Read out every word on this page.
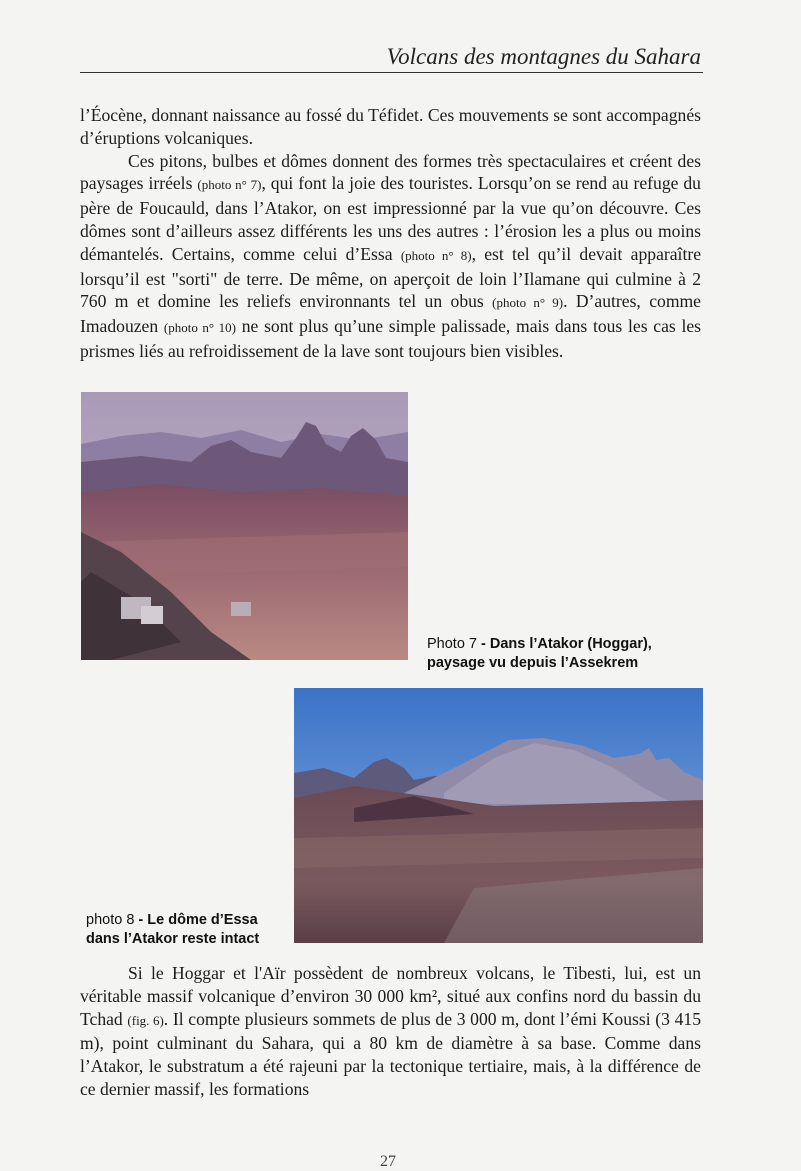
Volcans des montagnes du Sahara

l’Éocène, donnant naissance au fossé du Téfidet. Ces mouvements se sont accompagnés d’éruptions volcaniques.

Ces pitons, bulbes et dômes donnent des formes très spectaculaires et créent des paysages irréels (photo n° 7), qui font la joie des touristes. Lorsqu’on se rend au refuge du père de Foucauld, dans l’Atakor, on est impressionné par la vue qu’on découvre. Ces dômes sont d’ailleurs assez différents les uns des autres : l’érosion les a plus ou moins démantelés. Certains, comme celui d’Essa (photo n° 8), est tel qu’il devait apparaître lorsqu’il est "sorti" de terre. De même, on aperçoit de loin l’Ilamane qui culmine à 2 760 m et domine les reliefs environnants tel un obus (photo n° 9). D’autres, comme Imadouzen (photo n° 10) ne sont plus qu’une simple palissade, mais dans tous les cas les prismes liés au refroidissement de la lave sont toujours bien visibles.

Photo 7 - Dans l’Atakor (Hoggar), paysage vu depuis l’Assekrem
photo 8 - Le dôme d’Essa dans l’Atakor reste intact

Si le Hoggar et l'Aïr possèdent de nombreux volcans, le Tibesti, lui, est un véritable massif volcanique d’environ 30 000 km², situé aux confins nord du bassin du Tchad (fig. 6). Il compte plusieurs sommets de plus de 3 000 m, dont l’émi Koussi (3 415 m), point culminant du Sahara, qui a 80 km de diamètre à sa base. Comme dans l’Atakor, le substratum a été rajeuni par la tectonique tertiaire, mais, à la différence de ce dernier massif, les formations

27
